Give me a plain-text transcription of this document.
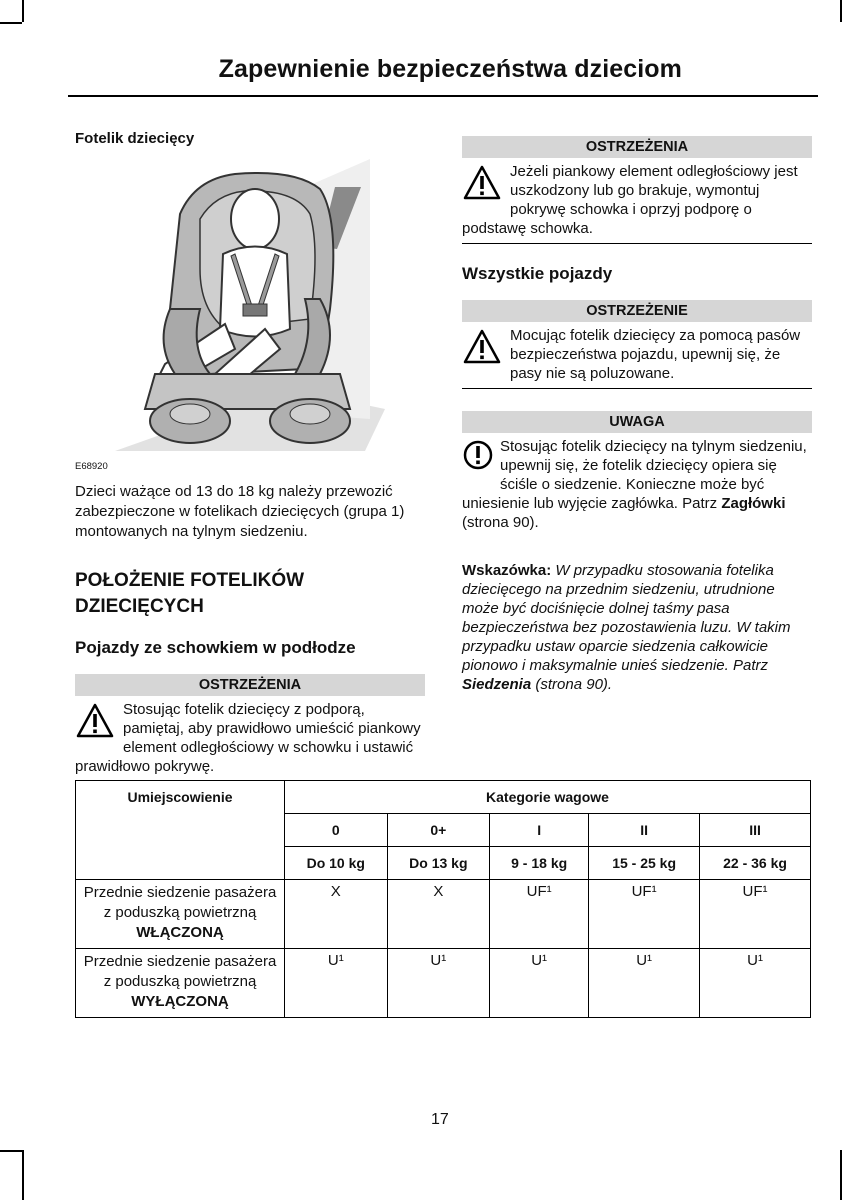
Zapewnienie bezpieczeństwa dzieciom
Fotelik dziecięcy
E68920
Dzieci ważące od 13 do 18 kg należy przewozić zabezpieczone w fotelikach dziecięcych (grupa 1) montowanych na tylnym siedzeniu.
POŁOŻENIE FOTELIKÓW DZIECIĘCYCH
Pojazdy ze schowkiem w podłodze
OSTRZEŻENIA
Stosując fotelik dziecięcy z podporą, pamiętaj, aby prawidłowo umieścić piankowy element odległościowy w schowku i ustawić prawidłowo pokrywę.
OSTRZEŻENIA
Jeżeli piankowy element odległościowy jest uszkodzony lub go brakuje, wymontuj pokrywę schowka i oprzyj podporę o podstawę schowka.
Wszystkie pojazdy
OSTRZEŻENIE
Mocując fotelik dziecięcy za pomocą pasów bezpieczeństwa pojazdu, upewnij się, że pasy nie są poluzowane.
UWAGA
Stosując fotelik dziecięcy na tylnym siedzeniu, upewnij się, że fotelik dziecięcy opiera się ściśle o siedzenie. Konieczne może być uniesienie lub wyjęcie zagłówka. Patrz Zagłówki (strona 90).
Wskazówka: W przypadku stosowania fotelika dziecięcego na przednim siedzeniu, utrudnione może być dociśnięcie dolnej taśmy pasa bezpieczeństwa bez pozostawienia luzu. W takim przypadku ustaw oparcie siedzenia całkowicie pionowo i maksymalnie unieś siedzenie. Patrz Siedzenia (strona 90).
Umiejscowienie	Kategorie wagowe				
	0	0+	I	II	III
	Do 10 kg	Do 13 kg	9 - 18 kg	15 - 25 kg	22 - 36 kg
Przednie siedzenie pasażera z poduszką powietrzną WŁĄCZONĄ	X	X	UF¹	UF¹	UF¹
Przednie siedzenie pasażera z poduszką powietrzną WYŁĄCZONĄ	U¹	U¹	U¹	U¹	U¹
17
